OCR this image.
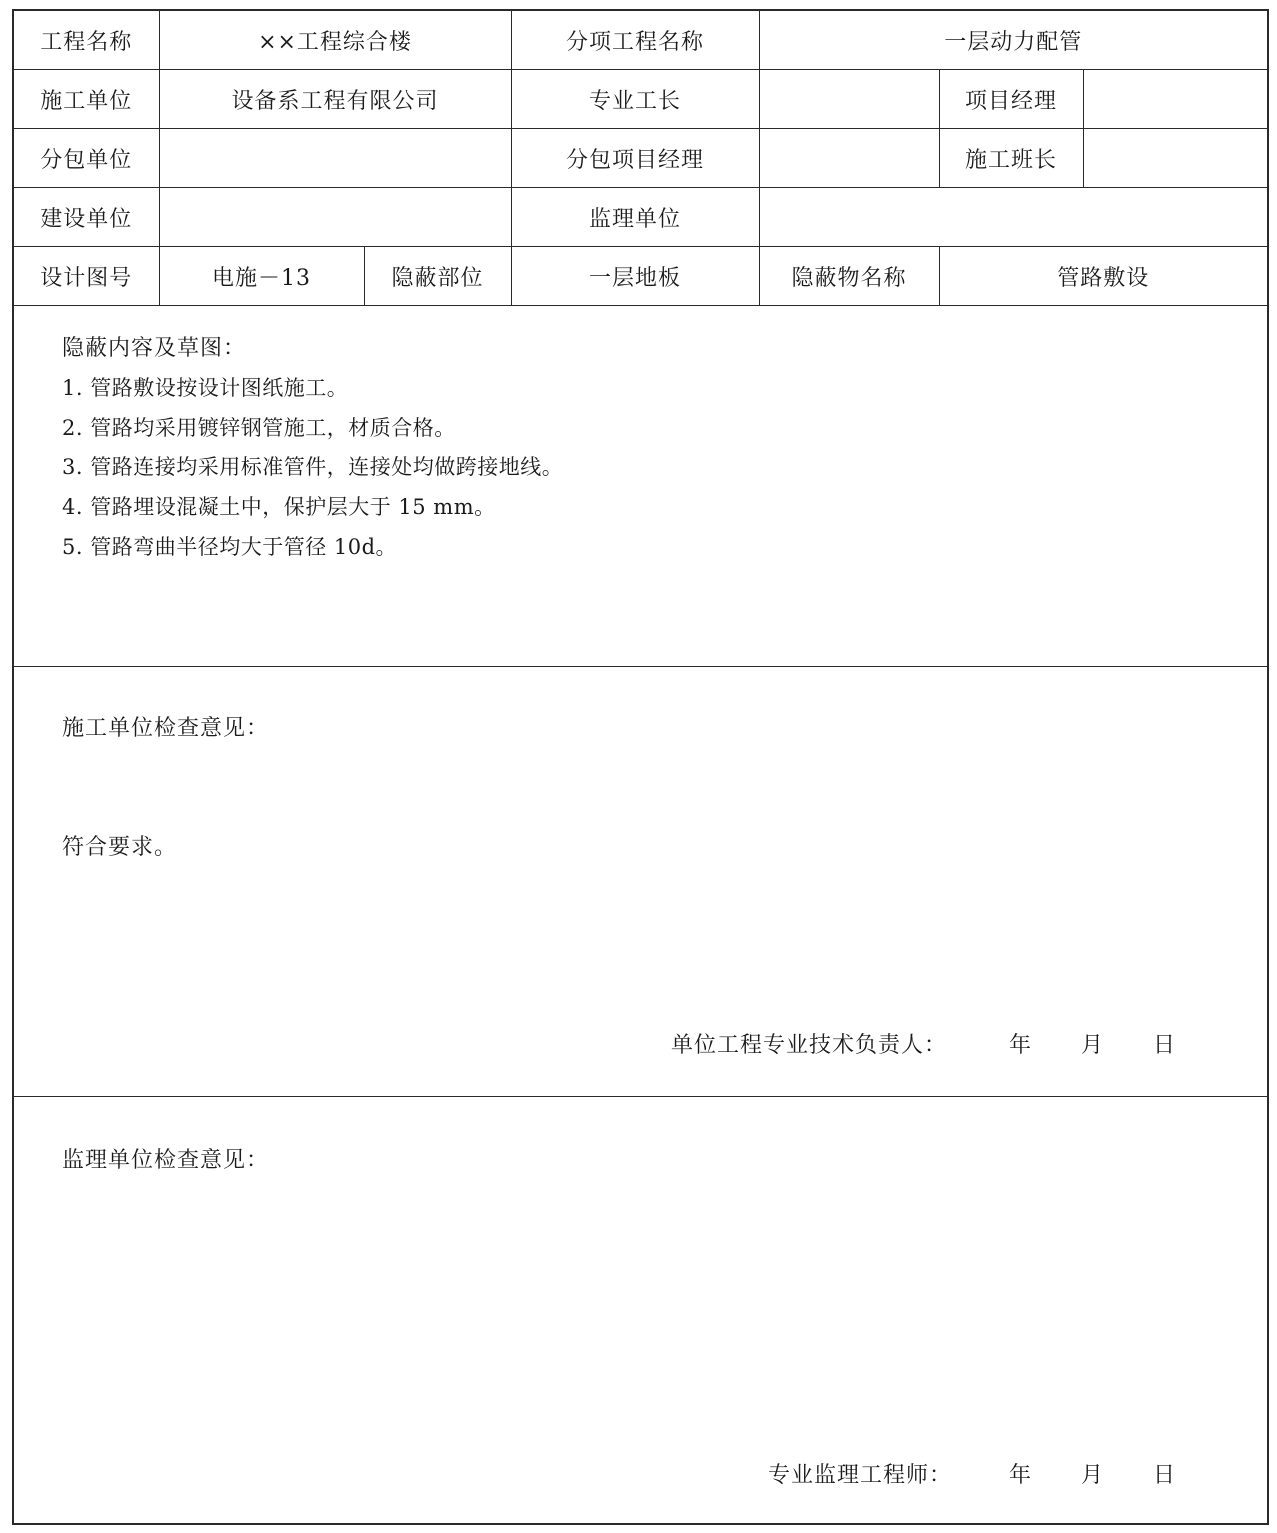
工程名称	××工程综合楼		分项工程名称	一层动力配管		
施工单位	设备系工程有限公司		专业工长		项目经理	
分包单位			分包项目经理		施工班长	
建设单位			监理单位			
设计图号	电施－13	隐蔽部位	一层地板	隐蔽物名称	管路敷设	
隐蔽内容及草图：
1. 管路敷设按设计图纸施工。
2. 管路均采用镀锌钢管施工，材质合格。
3. 管路连接均采用标准管件，连接处均做跨接地线。
4. 管路埋设混凝土中，保护层大于 15 mm。
5. 管路弯曲半径均大于管径 10d。
施工单位检查意见：
符合要求。
单位工程专业技术负责人：	年 月 日
监理单位检查意见：
专业监理工程师：	年 月 日
